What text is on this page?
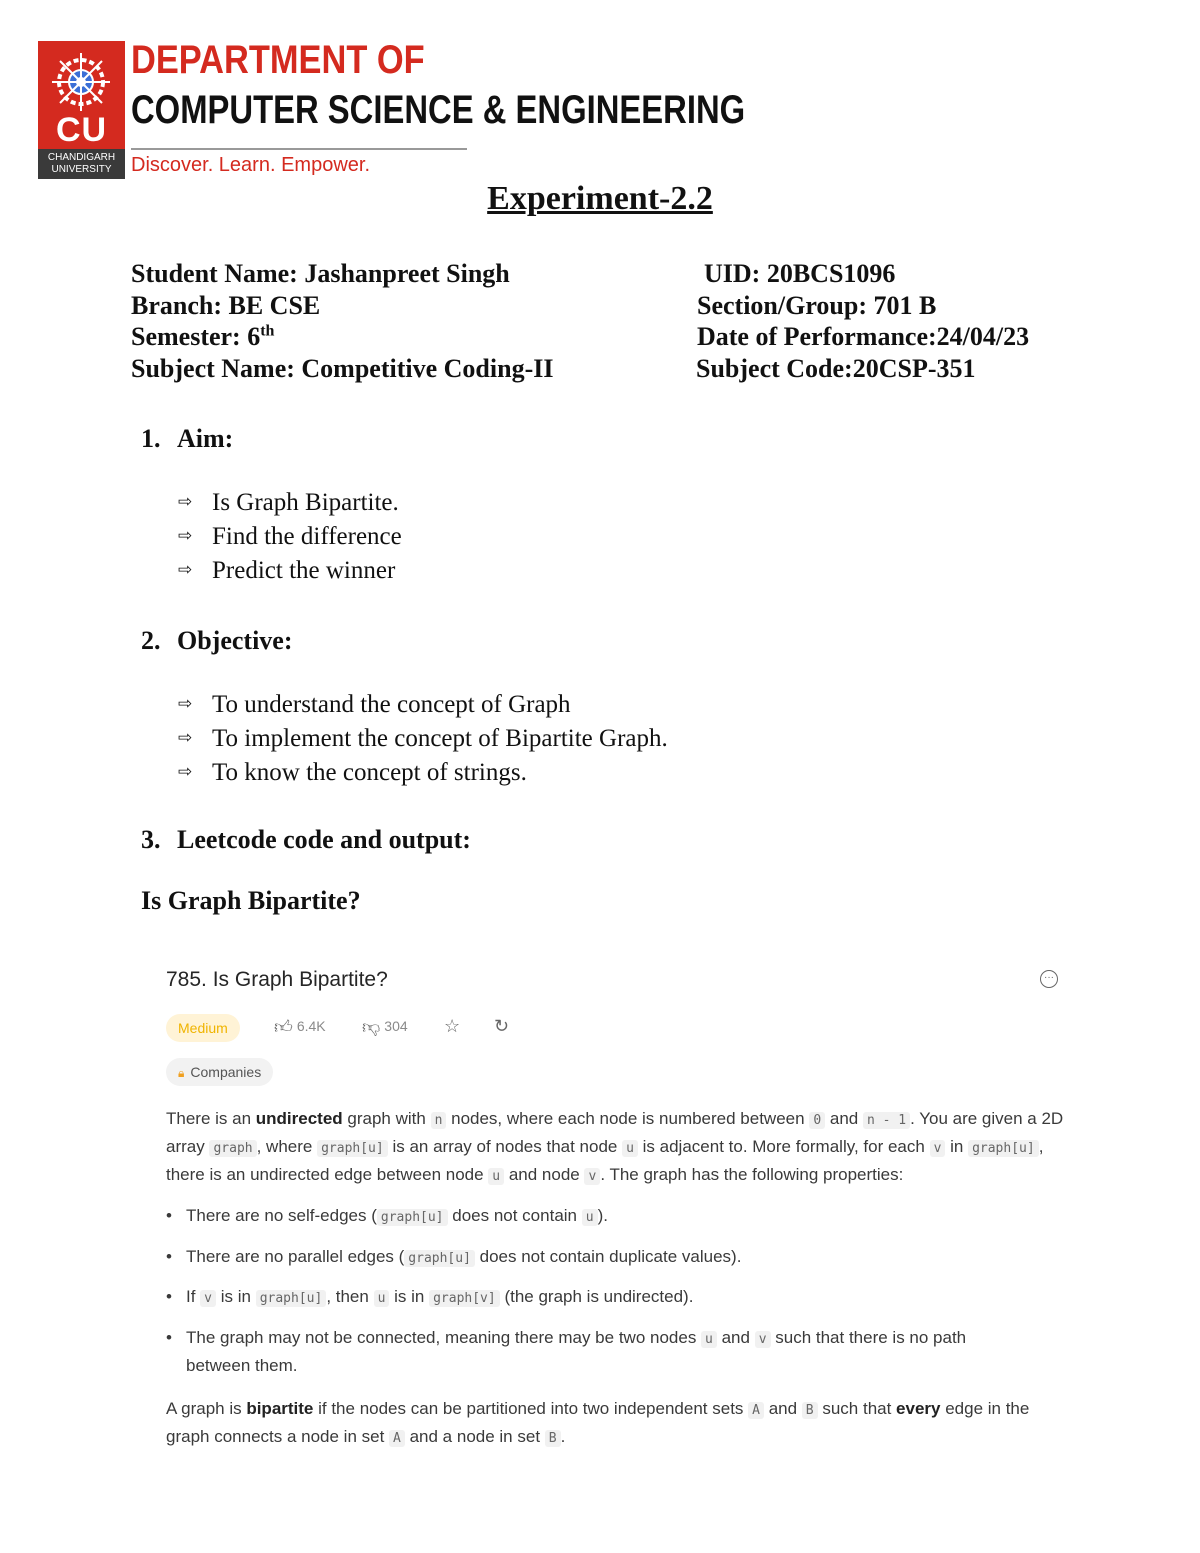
CU
CHANDIGARH UNIVERSITY
DEPARTMENT OF
COMPUTER SCIENCE & ENGINEERING
Discover. Learn. Empower.
Experiment-2.2
Student Name: Jashanpreet Singh	UID: 20BCS1096
Branch: BE CSE	Section/Group: 701 B
Semester: 6th	Date of Performance:24/04/23
Subject Name: Competitive Coding-II	Subject Code:20CSP-351
1. Aim:
⇨ Is Graph Bipartite.
⇨ Find the difference
⇨ Predict the winner
2. Objective:
⇨ To understand the concept of Graph
⇨ To implement the concept of Bipartite Graph.
⇨ To know the concept of strings.
3. Leetcode code and output:
Is Graph Bipartite?
785. Is Graph Bipartite?	···
Medium	👍︎ 6.4K 👎︎ 304 ☆ ↻
🔒︎ Companies
There is an undirected graph with n nodes, where each node is numbered between 0 and n - 1 . You are given a 2D array graph , where graph[u] is an array of nodes that node u is adjacent to. More formally, for each v in graph[u] , there is an undirected edge between node u and node v . The graph has the following properties:
• There are no self-edges ( graph[u] does not contain u ).
• There are no parallel edges ( graph[u] does not contain duplicate values).
• If v is in graph[u] , then u is in graph[v] (the graph is undirected).
• The graph may not be connected, meaning there may be two nodes u and v such that there is no path between them.
A graph is bipartite if the nodes can be partitioned into two independent sets A and B such that every edge in the graph connects a node in set A and a node in set B .
